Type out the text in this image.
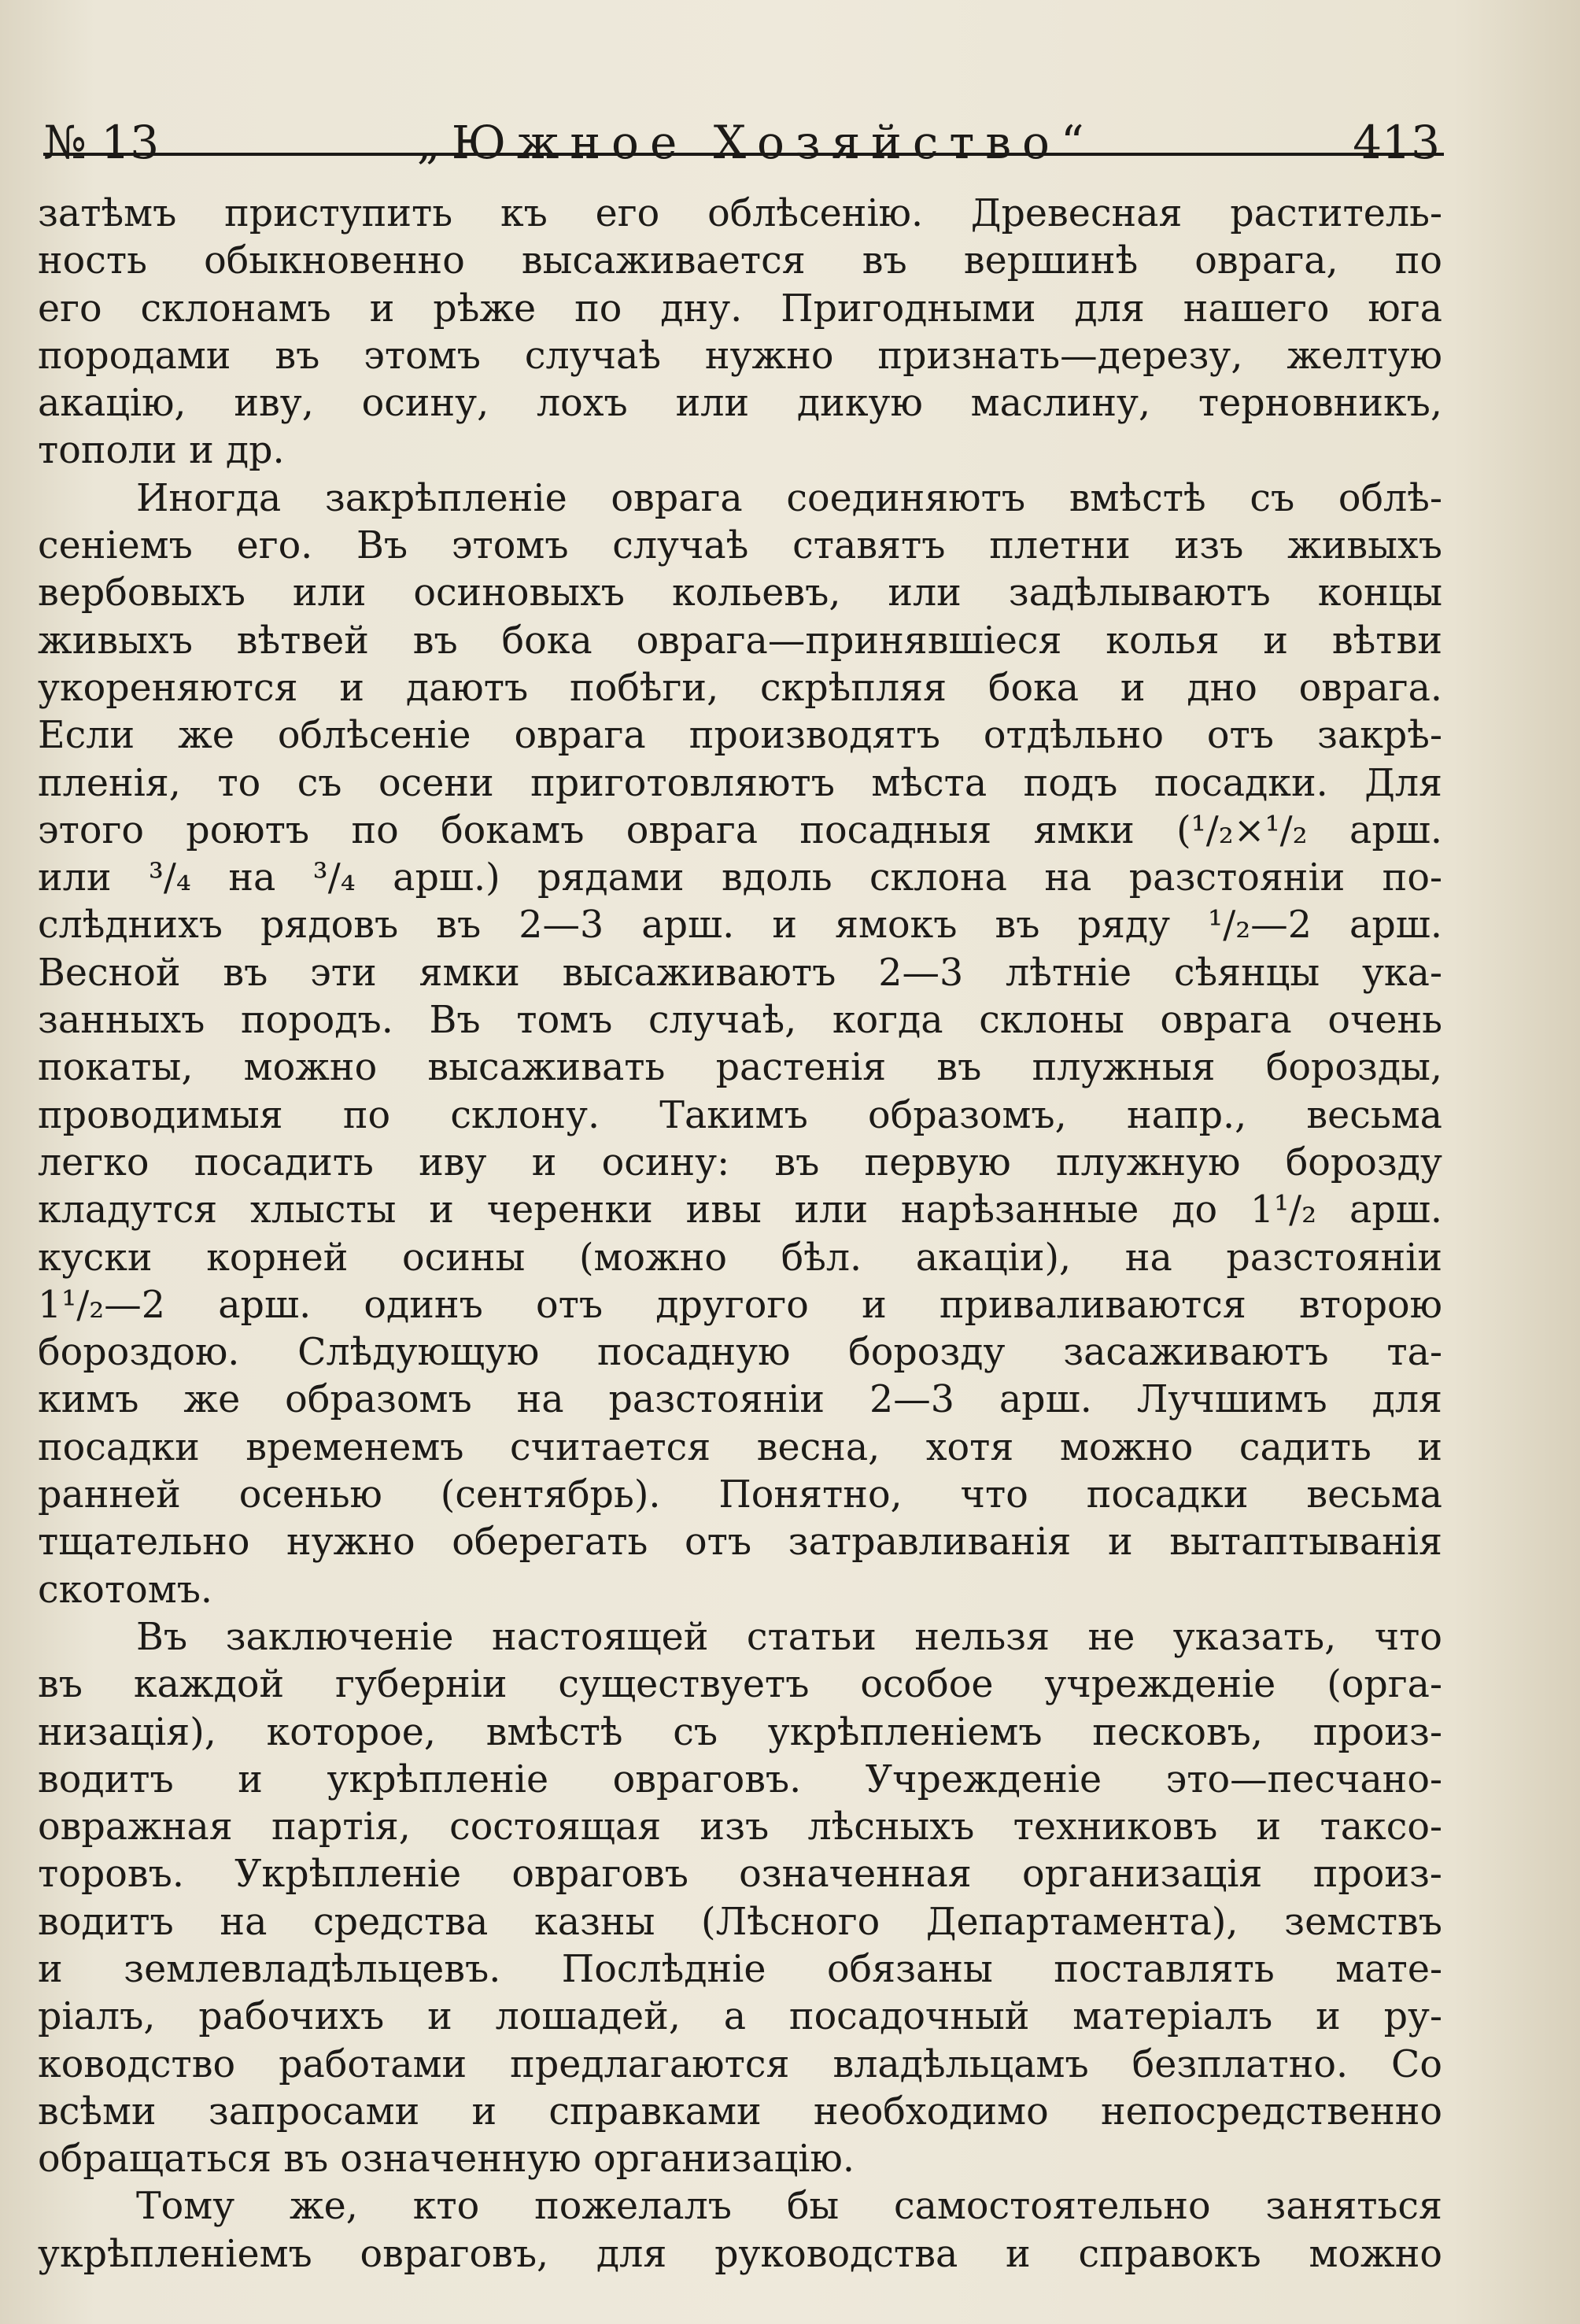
№ 13	„Южное Хозяйство“	413

затѣмъ приступить къ его облѣсенію. Древесная раститель-
ность обыкновенно высаживается въ вершинѣ оврага, по
его склонамъ и рѣже по дну. Пригодными для нашего юга
породами въ этомъ случаѣ нужно признать—дерезу, желтую
акацію, иву, осину, лохъ или дикую маслину, терновникъ,
тополи и др.

Иногда закрѣпленіе оврага соединяютъ вмѣстѣ съ облѣ-
сеніемъ его. Въ этомъ случаѣ ставятъ плетни изъ живыхъ
вербовыхъ или осиновыхъ кольевъ, или задѣлываютъ концы
живыхъ вѣтвей въ бока оврага—принявшіеся колья и вѣтви
укореняются и даютъ побѣги, скрѣпляя бока и дно оврага.
Если же облѣсеніе оврага производятъ отдѣльно отъ закрѣ-
пленія, то съ осени приготовляютъ мѣста подъ посадки. Для
этого роютъ по бокамъ оврага посадныя ямки (¹/₂×¹/₂ арш.
или ³/₄ на ³/₄ арш.) рядами вдоль склона на разстояніи по-
слѣднихъ рядовъ въ 2—3 арш. и ямокъ въ ряду ¹/₂—2 арш.
Весной въ эти ямки высаживаютъ 2—3 лѣтніе сѣянцы ука-
занныхъ породъ. Въ томъ случаѣ, когда склоны оврага очень
покаты, можно высаживать растенія въ плужныя борозды,
проводимыя по склону. Такимъ образомъ, напр., весьма
легко посадить иву и осину: въ первую плужную борозду
кладутся хлысты и черенки ивы или нарѣзанные до 1¹/₂ арш.
куски корней осины (можно бѣл. акаціи), на разстояніи
1¹/₂—2 арш. одинъ отъ другого и приваливаются второю
бороздою. Слѣдующую посадную борозду засаживаютъ та-
кимъ же образомъ на разстояніи 2—3 арш. Лучшимъ для
посадки временемъ считается весна, хотя можно садить и
ранней осенью (сентябрь). Понятно, что посадки весьма
тщательно нужно оберегать отъ затравливанія и вытаптыванія
скотомъ.

Въ заключеніе настоящей статьи нельзя не указать, что
въ каждой губерніи существуетъ особое учрежденіе (орга-
низація), которое, вмѣстѣ съ укрѣпленіемъ песковъ, произ-
водитъ и укрѣпленіе овраговъ. Учрежденіе это—песчано-
овражная партія, состоящая изъ лѣсныхъ техниковъ и таксо-
торовъ. Укрѣпленіе овраговъ означенная организація произ-
водитъ на средства казны (Лѣсного Департамента), земствъ
и землевладѣльцевъ. Послѣдніе обязаны поставлять мате-
ріалъ, рабочихъ и лошадей, а посадочный матеріалъ и ру-
ководство работами предлагаются владѣльцамъ безплатно. Со
всѣми запросами и справками необходимо непосредственно
обращаться въ означенную организацію.

Тому же, кто пожелалъ бы самостоятельно заняться
укрѣпленіемъ овраговъ, для руководства и справокъ можно
